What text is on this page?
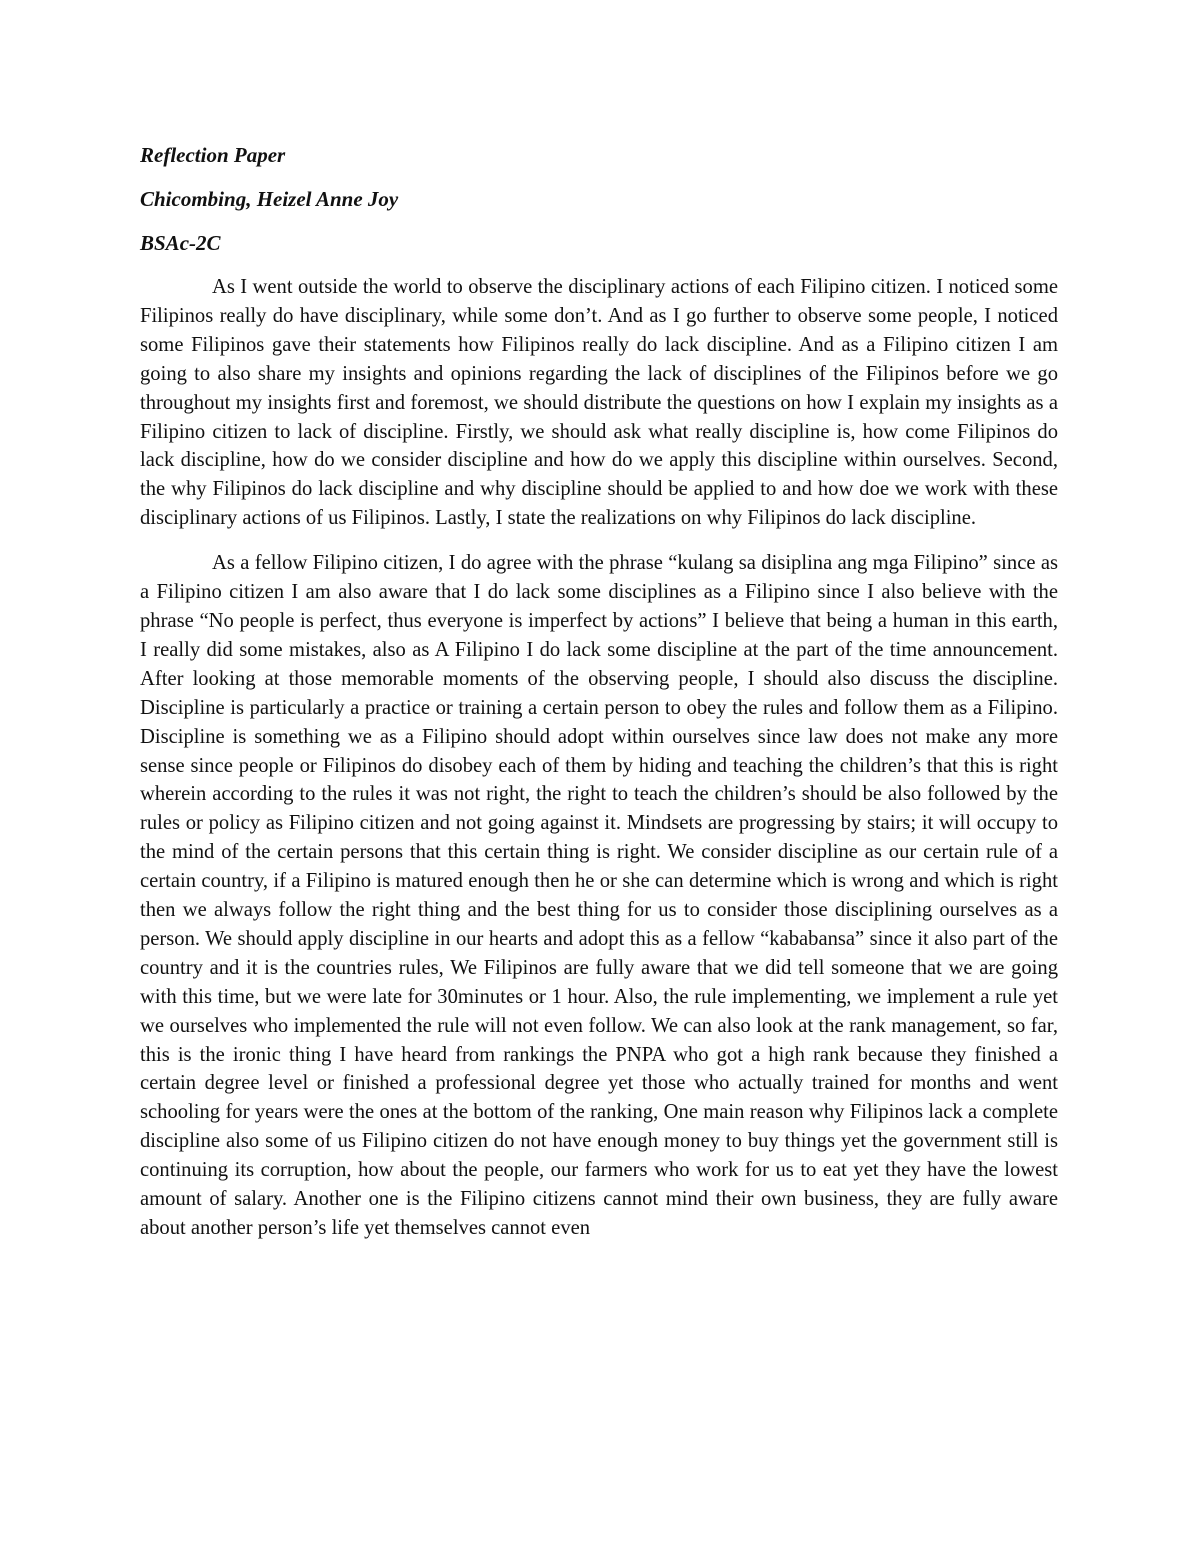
Reflection Paper
Chicombing, Heizel Anne Joy
BSAc-2C

As I went outside the world to observe the disciplinary actions of each Filipino citizen. I noticed some Filipinos really do have disciplinary, while some don’t. And as I go further to observe some people, I noticed some Filipinos gave their statements how Filipinos really do lack discipline. And as a Filipino citizen I am going to also share my insights and opinions regarding the lack of disciplines of the Filipinos before we go throughout my insights first and foremost, we should distribute the questions on how I explain my insights as a Filipino citizen to lack of discipline. Firstly, we should ask what really discipline is, how come Filipinos do lack discipline, how do we consider discipline and how do we apply this discipline within ourselves. Second, the why Filipinos do lack discipline and why discipline should be applied to and how doe we work with these disciplinary actions of us Filipinos. Lastly, I state the realizations on why Filipinos do lack discipline.

As a fellow Filipino citizen, I do agree with the phrase “kulang sa disiplina ang mga Filipino” since as a Filipino citizen I am also aware that I do lack some disciplines as a Filipino since I also believe with the phrase “No people is perfect, thus everyone is imperfect by actions” I believe that being a human in this earth, I really did some mistakes, also as A Filipino I do lack some discipline at the part of the time announcement. After looking at those memorable moments of the observing people, I should also discuss the discipline. Discipline is particularly a practice or training a certain person to obey the rules and follow them as a Filipino. Discipline is something we as a Filipino should adopt within ourselves since law does not make any more sense since people or Filipinos do disobey each of them by hiding and teaching the children’s that this is right wherein according to the rules it was not right, the right to teach the children’s should be also followed by the rules or policy as Filipino citizen and not going against it. Mindsets are progressing by stairs; it will occupy to the mind of the certain persons that this certain thing is right. We consider discipline as our certain rule of a certain country, if a Filipino is matured enough then he or she can determine which is wrong and which is right then we always follow the right thing and the best thing for us to consider those disciplining ourselves as a person. We should apply discipline in our hearts and adopt this as a fellow “kababansa” since it also part of the country and it is the countries rules, We Filipinos are fully aware that we did tell someone that we are going with this time, but we were late for 30minutes or 1 hour. Also, the rule implementing, we implement a rule yet we ourselves who implemented the rule will not even follow. We can also look at the rank management, so far, this is the ironic thing I have heard from rankings the PNPA who got a high rank because they finished a certain degree level or finished a professional degree yet those who actually trained for months and went schooling for years were the ones at the bottom of the ranking, One main reason why Filipinos lack a complete discipline also some of us Filipino citizen do not have enough money to buy things yet the government still is continuing its corruption, how about the people, our farmers who work for us to eat yet they have the lowest amount of salary. Another one is the Filipino citizens cannot mind their own business, they are fully aware about another person’s life yet themselves cannot even
